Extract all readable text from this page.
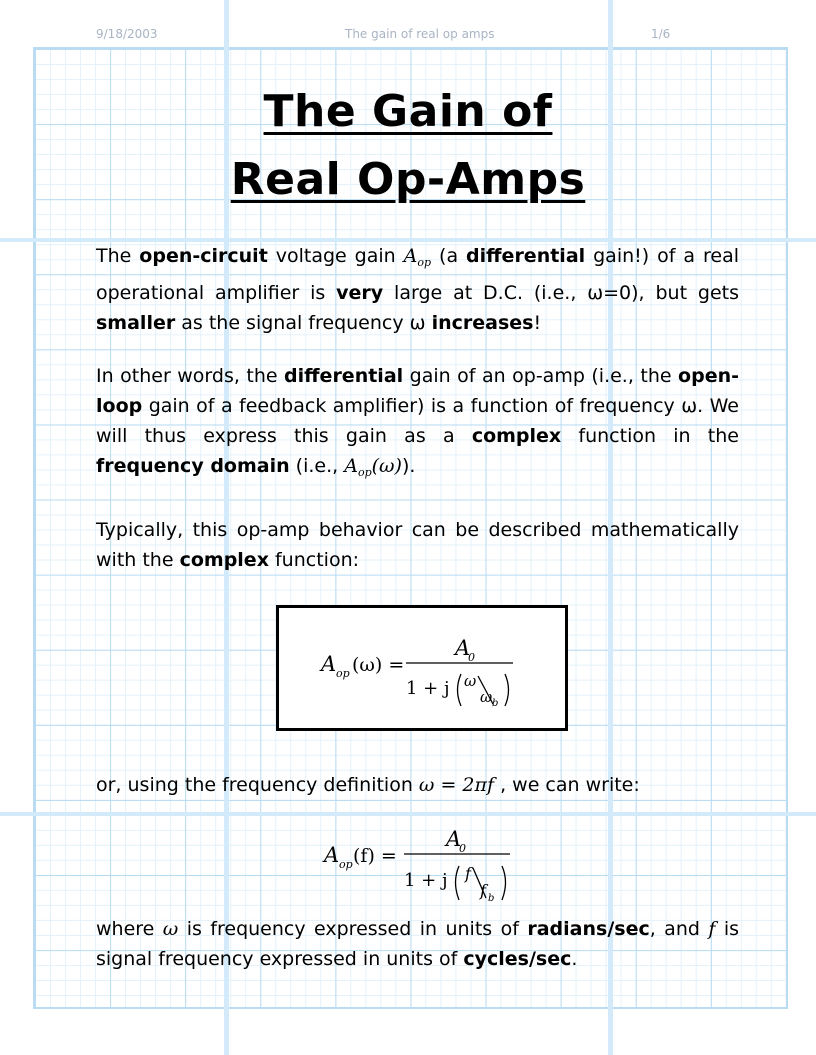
9/18/2003	The gain of real op amps	1/6
The Gain of
Real Op-Amps
The open-circuit voltage gain $A_{op}$ (a differential gain!) of a real operational amplifier is very large at D.C. (i.e., ω=0), but gets smaller as the signal frequency ω increases!
In other words, the differential gain of an op-amp (i.e., the open-loop gain of a feedback amplifier) is a function of frequency ω. We will thus express this gain as a complex function in the frequency domain (i.e., $A_{op}(\omega)$).
Typically, this op-amp behavior can be described mathematically with the complex function:
A op (ω) =
A
0
1 + j ω
ω b
or, using the frequency definition ω = 2πf , we can write:
A op (f) =
A
0
1 + j f
f b
where ω is frequency expressed in units of radians/sec, and f is signal frequency expressed in units of cycles/sec.
